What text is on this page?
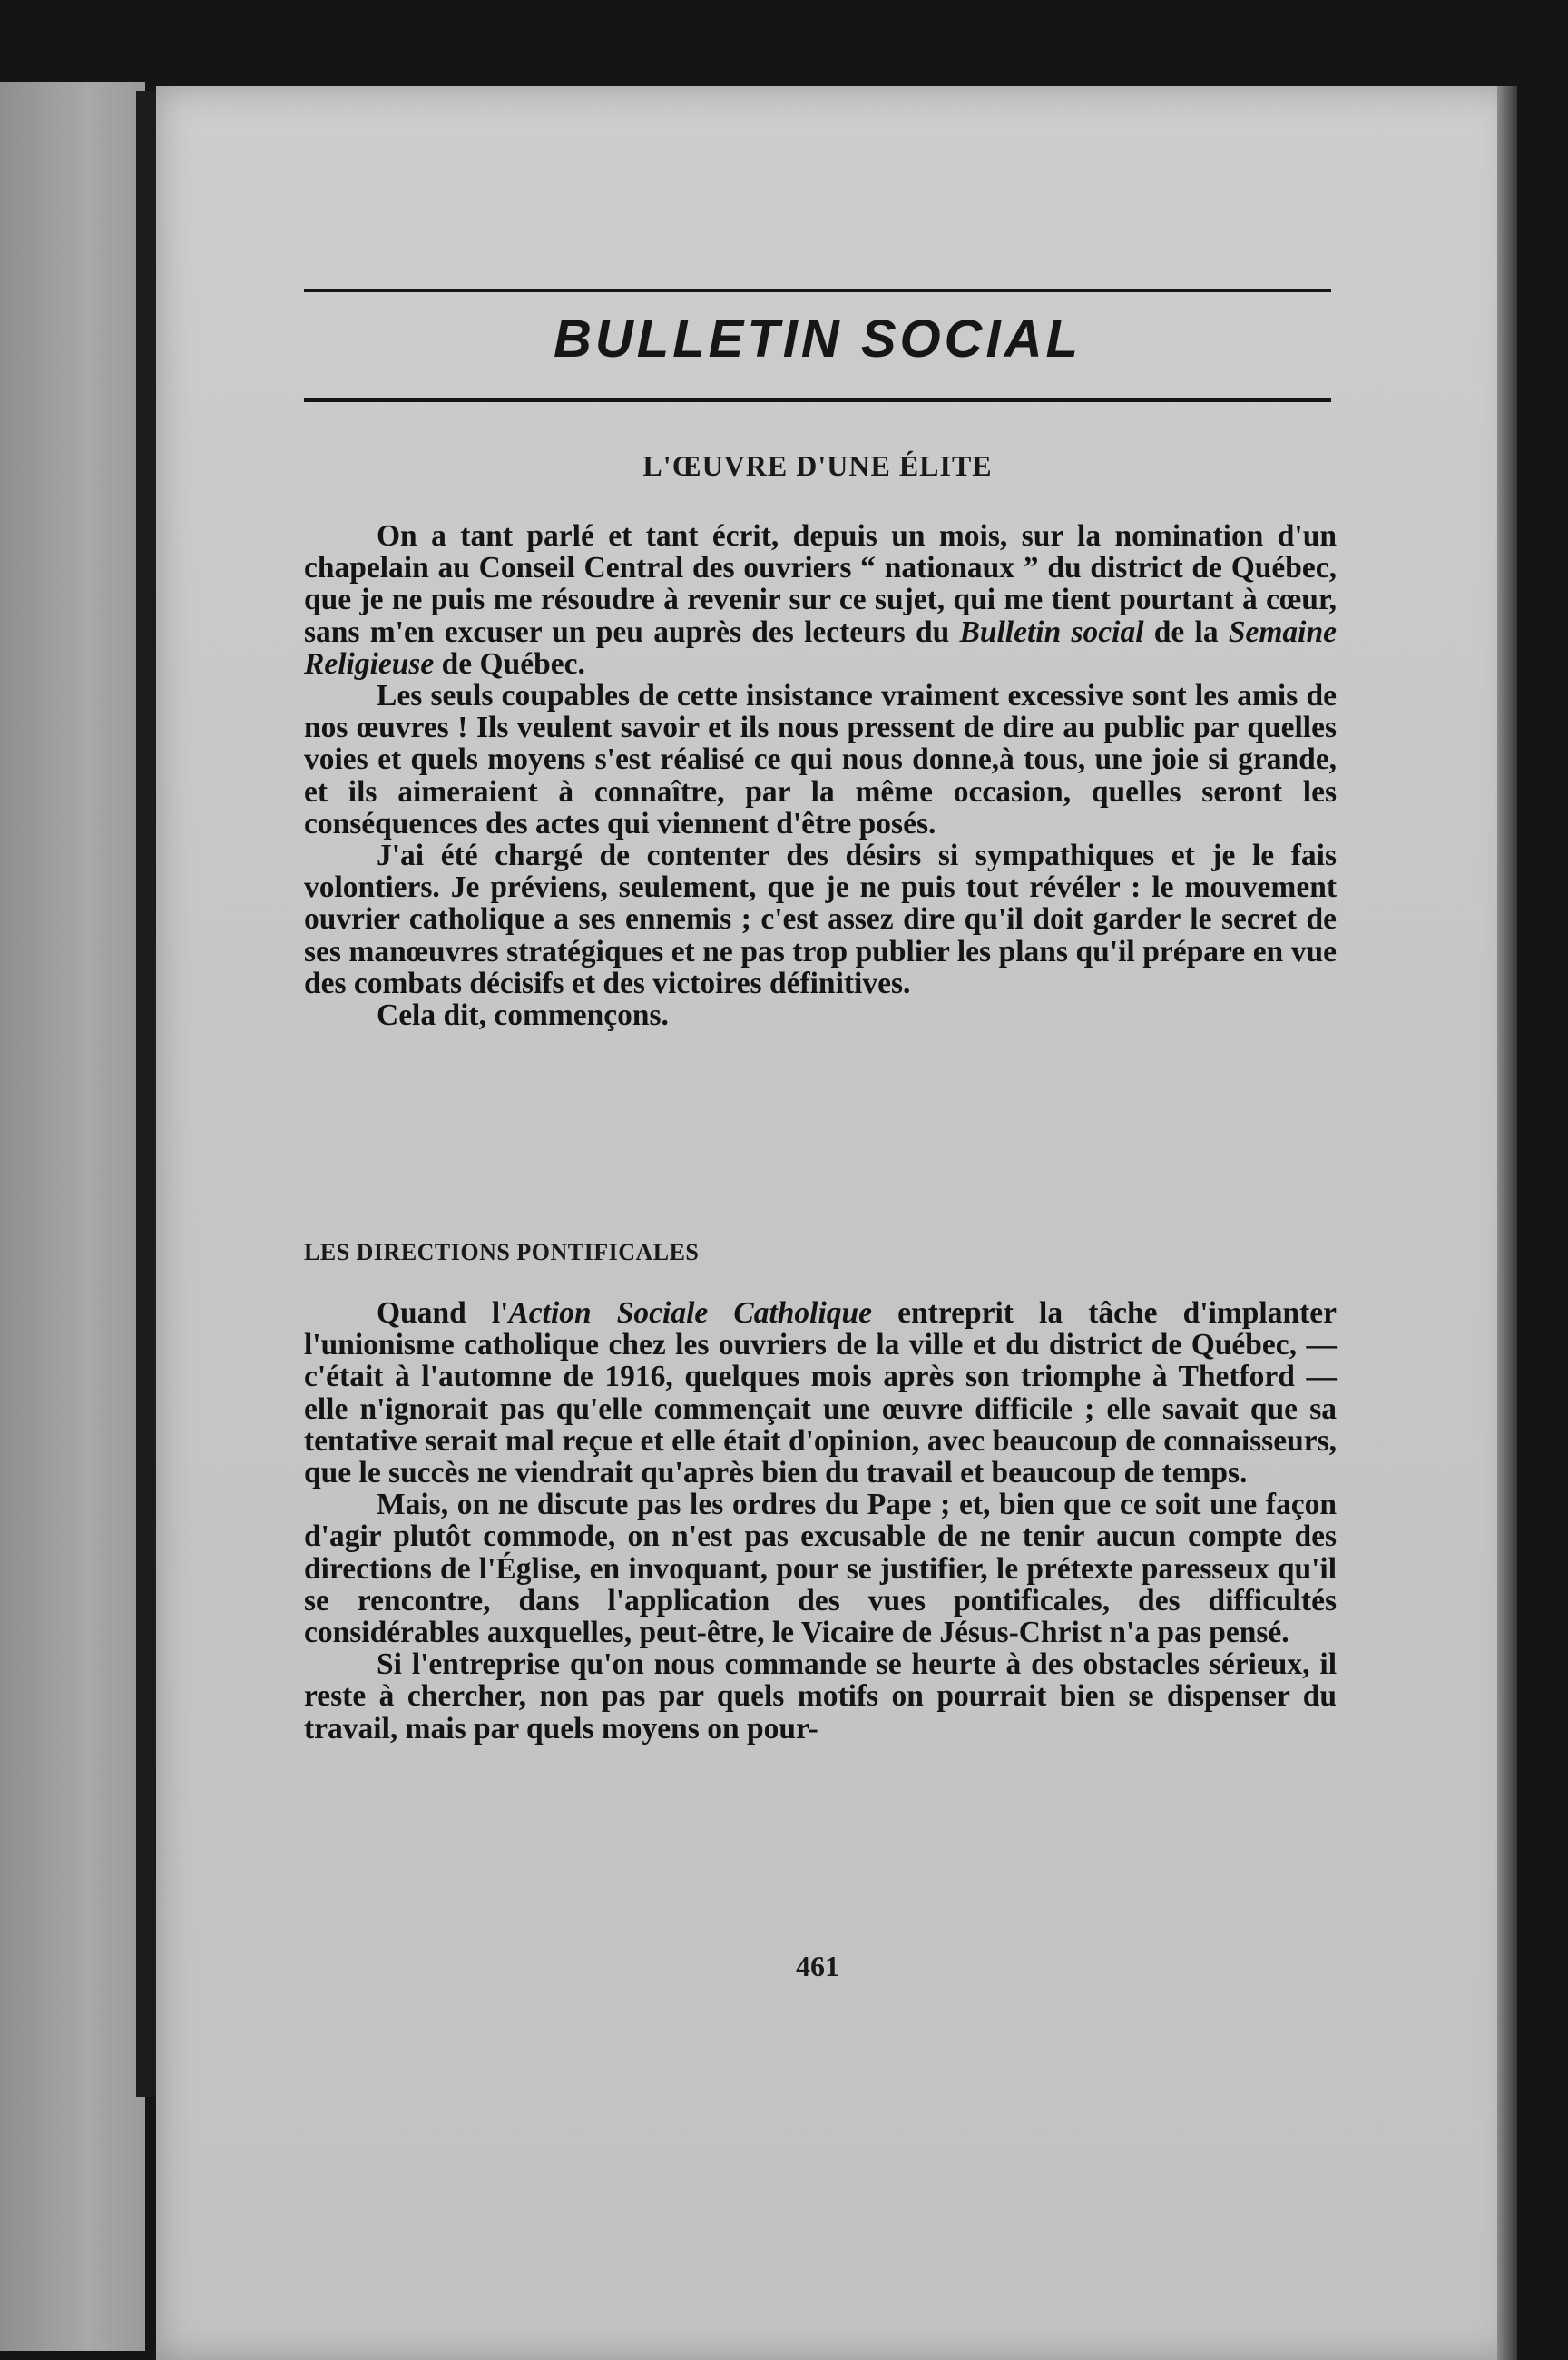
BULLETIN SOCIAL
L'ŒUVRE D'UNE ÉLITE

On a tant parlé et tant écrit, depuis un mois, sur la nomination d'un chapelain au Conseil Central des ouvriers “ nationaux ” du district de Québec, que je ne puis me résoudre à revenir sur ce sujet, qui me tient pourtant à cœur, sans m'en excuser un peu auprès des lecteurs du Bulletin social de la Semaine Religieuse de Québec.

Les seuls coupables de cette insistance vraiment excessive sont les amis de nos œuvres ! Ils veulent savoir et ils nous pressent de dire au public par quelles voies et quels moyens s'est réalisé ce qui nous donne,à tous, une joie si grande, et ils aimeraient à connaître, par la même occasion, quelles seront les conséquences des actes qui viennent d'être posés.

J'ai été chargé de contenter des désirs si sympathiques et je le fais volontiers. Je préviens, seulement, que je ne puis tout révéler : le mouvement ouvrier catholique a ses ennemis ; c'est assez dire qu'il doit garder le secret de ses manœuvres stratégiques et ne pas trop publier les plans qu'il prépare en vue des combats décisifs et des victoires définitives.

Cela dit, commençons.

LES DIRECTIONS PONTIFICALES

Quand l'Action Sociale Catholique entreprit la tâche d'implanter l'unionisme catholique chez les ouvriers de la ville et du district de Québec, — c'était à l'automne de 1916, quelques mois après son triomphe à Thetford — elle n'ignorait pas qu'elle commençait une œuvre difficile ; elle savait que sa tentative serait mal reçue et elle était d'opinion, avec beaucoup de connaisseurs, que le succès ne viendrait qu'après bien du travail et beaucoup de temps.

Mais, on ne discute pas les ordres du Pape ; et, bien que ce soit une façon d'agir plutôt commode, on n'est pas excusable de ne tenir aucun compte des directions de l'Église, en invoquant, pour se justifier, le prétexte paresseux qu'il se rencontre, dans l'application des vues pontificales, des difficultés considérables auxquelles, peut-être, le Vicaire de Jésus-Christ n'a pas pensé.

Si l'entreprise qu'on nous commande se heurte à des obstacles sérieux, il reste à chercher, non pas par quels motifs on pourrait bien se dispenser du travail, mais par quels moyens on pour-

461
